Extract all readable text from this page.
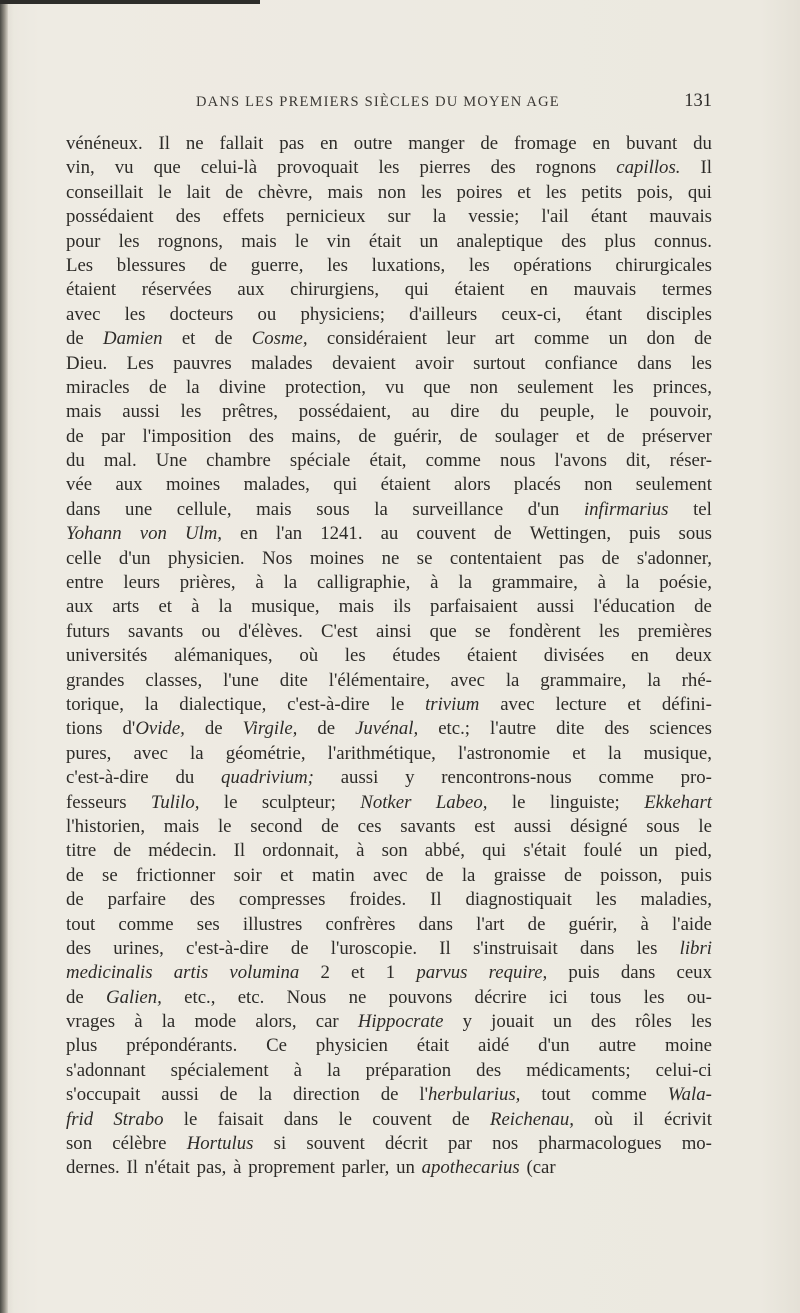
DANS LES PREMIERS SIÈCLES DU MOYEN AGE	131
vénéneux. Il ne fallait pas en outre manger de fromage en buvant du
vin, vu que celui-là provoquait les pierres des rognons capillos. Il
conseillait le lait de chèvre, mais non les poires et les petits pois, qui
possédaient des effets pernicieux sur la vessie; l'ail étant mauvais
pour les rognons, mais le vin était un analeptique des plus connus.
Les blessures de guerre, les luxations, les opérations chirurgicales
étaient réservées aux chirurgiens, qui étaient en mauvais termes
avec les docteurs ou physiciens; d'ailleurs ceux-ci, étant disciples
de Damien et de Cosme, considéraient leur art comme un don de
Dieu. Les pauvres malades devaient avoir surtout confiance dans les
miracles de la divine protection, vu que non seulement les princes,
mais aussi les prêtres, possédaient, au dire du peuple, le pouvoir,
de par l'imposition des mains, de guérir, de soulager et de préserver
du mal. Une chambre spéciale était, comme nous l'avons dit, réser-
vée aux moines malades, qui étaient alors placés non seulement
dans une cellule, mais sous la surveillance d'un infirmarius tel
Yohann von Ulm, en l'an 1241. au couvent de Wettingen, puis sous
celle d'un physicien. Nos moines ne se contentaient pas de s'adonner,
entre leurs prières, à la calligraphie, à la grammaire, à la poésie,
aux arts et à la musique, mais ils parfaisaient aussi l'éducation de
futurs savants ou d'élèves. C'est ainsi que se fondèrent les premières
universités alémaniques, où les études étaient divisées en deux
grandes classes, l'une dite l'élémentaire, avec la grammaire, la rhé-
torique, la dialectique, c'est-à-dire le trivium avec lecture et défini-
tions d'Ovide, de Virgile, de Juvénal, etc.; l'autre dite des sciences
pures, avec la géométrie, l'arithmétique, l'astronomie et la musique,
c'est-à-dire du quadrivium; aussi y rencontrons-nous comme pro-
fesseurs Tulilo, le sculpteur; Notker Labeo, le linguiste; Ekkehart
l'historien, mais le second de ces savants est aussi désigné sous le
titre de médecin. Il ordonnait, à son abbé, qui s'était foulé un pied,
de se frictionner soir et matin avec de la graisse de poisson, puis
de parfaire des compresses froides. Il diagnostiquait les maladies,
tout comme ses illustres confrères dans l'art de guérir, à l'aide
des urines, c'est-à-dire de l'uroscopie. Il s'instruisait dans les libri
medicinalis artis volumina 2 et 1 parvus require, puis dans ceux
de Galien, etc., etc. Nous ne pouvons décrire ici tous les ou-
vrages à la mode alors, car Hippocrate y jouait un des rôles les
plus prépondérants. Ce physicien était aidé d'un autre moine
s'adonnant spécialement à la préparation des médicaments; celui-ci
s'occupait aussi de la direction de l'herbularius, tout comme Wala-
frid Strabo le faisait dans le couvent de Reichenau, où il écrivit
son célèbre Hortulus si souvent décrit par nos pharmacologues mo-
dernes. Il n'était pas, à proprement parler, un apothecarius (car
